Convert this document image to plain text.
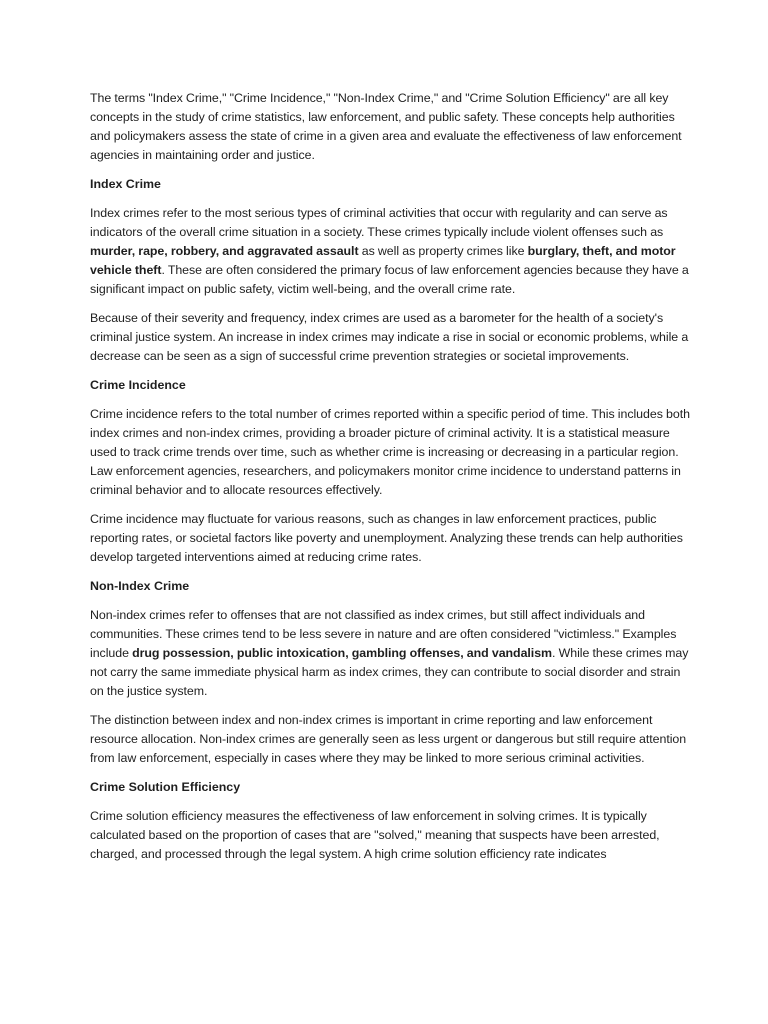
The terms "Index Crime," "Crime Incidence," "Non-Index Crime," and "Crime Solution Efficiency" are all key concepts in the study of crime statistics, law enforcement, and public safety. These concepts help authorities and policymakers assess the state of crime in a given area and evaluate the effectiveness of law enforcement agencies in maintaining order and justice.

Index Crime

Index crimes refer to the most serious types of criminal activities that occur with regularity and can serve as indicators of the overall crime situation in a society. These crimes typically include violent offenses such as murder, rape, robbery, and aggravated assault as well as property crimes like burglary, theft, and motor vehicle theft. These are often considered the primary focus of law enforcement agencies because they have a significant impact on public safety, victim well-being, and the overall crime rate.

Because of their severity and frequency, index crimes are used as a barometer for the health of a society's criminal justice system. An increase in index crimes may indicate a rise in social or economic problems, while a decrease can be seen as a sign of successful crime prevention strategies or societal improvements.

Crime Incidence

Crime incidence refers to the total number of crimes reported within a specific period of time. This includes both index crimes and non-index crimes, providing a broader picture of criminal activity. It is a statistical measure used to track crime trends over time, such as whether crime is increasing or decreasing in a particular region. Law enforcement agencies, researchers, and policymakers monitor crime incidence to understand patterns in criminal behavior and to allocate resources effectively.

Crime incidence may fluctuate for various reasons, such as changes in law enforcement practices, public reporting rates, or societal factors like poverty and unemployment. Analyzing these trends can help authorities develop targeted interventions aimed at reducing crime rates.

Non-Index Crime

Non-index crimes refer to offenses that are not classified as index crimes, but still affect individuals and communities. These crimes tend to be less severe in nature and are often considered "victimless." Examples include drug possession, public intoxication, gambling offenses, and vandalism. While these crimes may not carry the same immediate physical harm as index crimes, they can contribute to social disorder and strain on the justice system.

The distinction between index and non-index crimes is important in crime reporting and law enforcement resource allocation. Non-index crimes are generally seen as less urgent or dangerous but still require attention from law enforcement, especially in cases where they may be linked to more serious criminal activities.

Crime Solution Efficiency

Crime solution efficiency measures the effectiveness of law enforcement in solving crimes. It is typically calculated based on the proportion of cases that are "solved," meaning that suspects have been arrested, charged, and processed through the legal system. A high crime solution efficiency rate indicates
